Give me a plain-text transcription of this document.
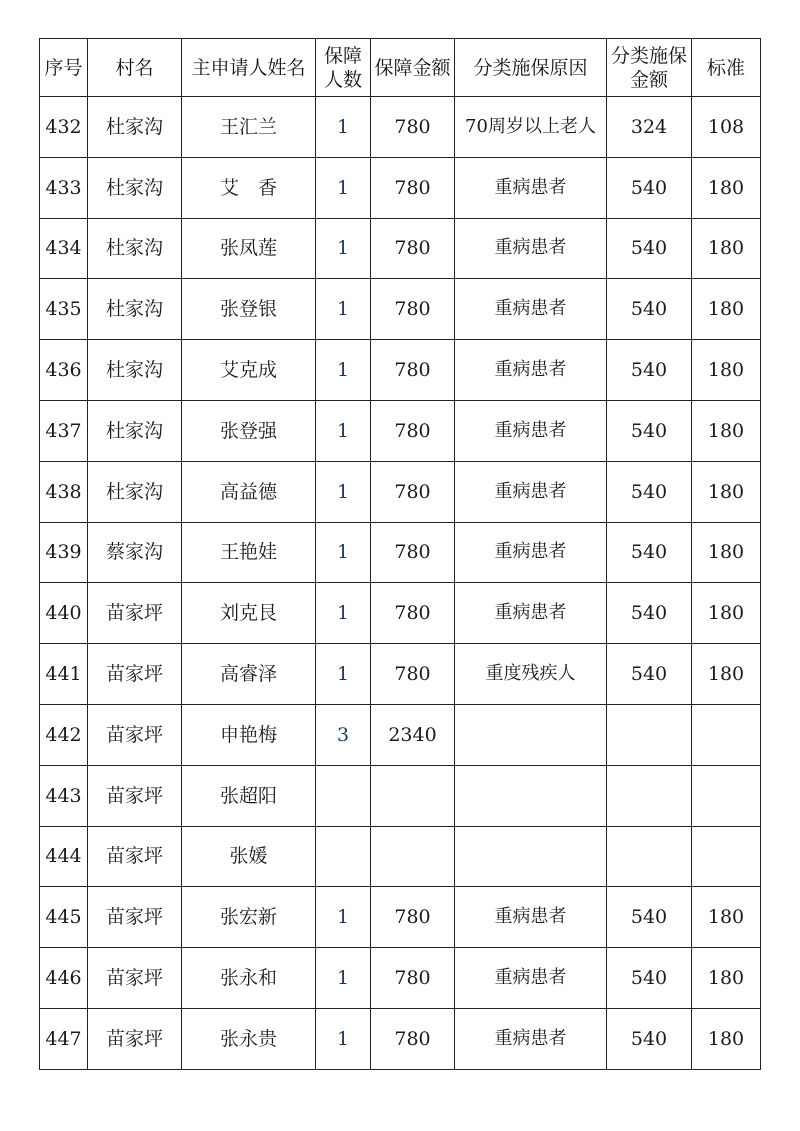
序号	村名	主申请人姓名	保障人数	保障金额	分类施保原因	分类施保金额	标准
432	杜家沟	王汇兰	1	780	70周岁以上老人	324	108
433	杜家沟	艾　香	1	780	重病患者	540	180
434	杜家沟	张凤莲	1	780	重病患者	540	180
435	杜家沟	张登银	1	780	重病患者	540	180
436	杜家沟	艾克成	1	780	重病患者	540	180
437	杜家沟	张登强	1	780	重病患者	540	180
438	杜家沟	高益德	1	780	重病患者	540	180
439	蔡家沟	王艳娃	1	780	重病患者	540	180
440	苗家坪	刘克艮	1	780	重病患者	540	180
441	苗家坪	高睿泽	1	780	重度残疾人	540	180
442	苗家坪	申艳梅	3	2340			
443	苗家坪	张超阳					
444	苗家坪	张媛					
445	苗家坪	张宏新	1	780	重病患者	540	180
446	苗家坪	张永和	1	780	重病患者	540	180
447	苗家坪	张永贵	1	780	重病患者	540	180
